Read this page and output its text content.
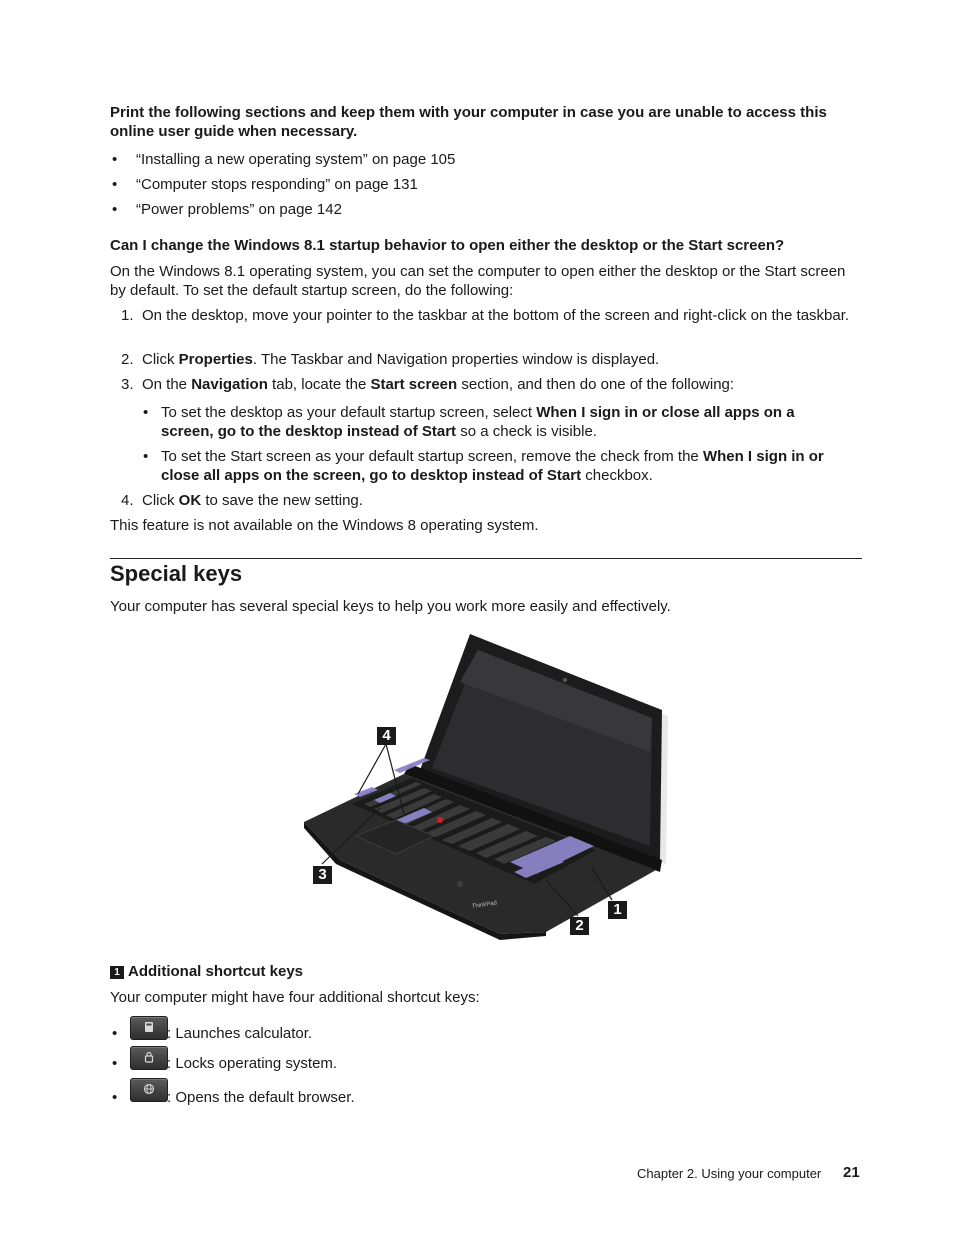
Print the following sections and keep them with your computer in case you are unable to access this online user guide when necessary.
• “Installing a new operating system” on page 105
• “Computer stops responding” on page 131
• “Power problems” on page 142
Can I change the Windows 8.1 startup behavior to open either the desktop or the Start screen?
On the Windows 8.1 operating system, you can set the computer to open either the desktop or the Start screen by default. To set the default startup screen, do the following:
1. On the desktop, move your pointer to the taskbar at the bottom of the screen and right-click on the taskbar.
2. Click Properties. The Taskbar and Navigation properties window is displayed.
3. On the Navigation tab, locate the Start screen section, and then do one of the following:
• To set the desktop as your default startup screen, select When I sign in or close all apps on a screen, go to the desktop instead of Start so a check is visible.
• To set the Start screen as your default startup screen, remove the check from the When I sign in or close all apps on the screen, go to desktop instead of Start checkbox.
4. Click OK to save the new setting.
This feature is not available on the Windows 8 operating system.
Special keys
Your computer has several special keys to help you work more easily and effectively.
ThinkPad
4
3
1
2
1 Additional shortcut keys
Your computer might have four additional shortcut keys:
•	: Launches calculator.
•	: Locks operating system.
•	: Opens the default browser.
Chapter 2. Using your computer 21
